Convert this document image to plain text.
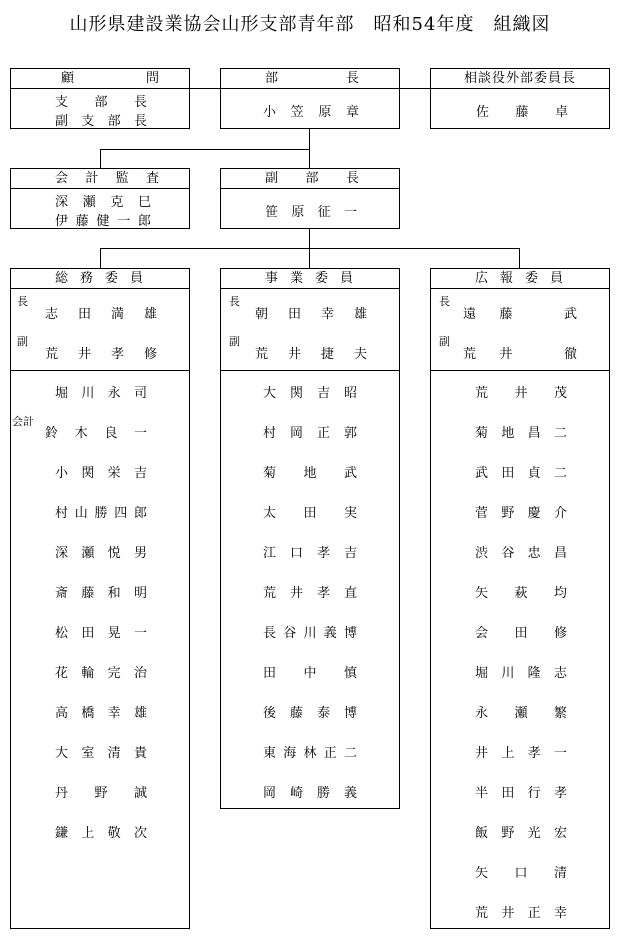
山形県建設業協会山形支部青年部　昭和54年度　組織図
顧	問
支 部 長
副 支 部 長
部	長
小 笠 原 章
相談役外部委員長
佐 藤 卓
会 計 監 査
深 瀬 克 巳
伊 藤 健 一 郎
副 部 長
笹 原 征 一
総 務 委 員
長
志 田 満 雄
副
荒 井 孝 修
会計
堀 川 永 司
鈴 木 良 一
小 関 栄 吉
村 山 勝 四 郎
深 瀬 悦 男
斎 藤 和 明
松 田 晃 一
花 輪 完 治
高 橋 幸 雄
大 室 清 貴
丹 野 誠
鎌 上 敬 次
事 業 委 員
長
朝 田 幸 雄
副
荒 井 捷 夫
大 関 吉 昭
村 岡 正 郭
菊 地 武
太 田 実
江 口 孝 吉
荒 井 孝 直
長 谷 川 義 博
田 中 慎
後 藤 泰 博
東 海 林 正 二
岡 崎 勝 義
広 報 委 員
長
遠 藤	武
副
荒 井	徹
荒 井 茂
菊 地 昌 二
武 田 貞 二
菅 野 慶 介
渋 谷 忠 昌
矢 萩 均
会 田 修
堀 川 隆 志
永 瀬 繁
井 上 孝 一
半 田 行 孝
飯 野 光 宏
矢 口 清
荒 井 正 幸
